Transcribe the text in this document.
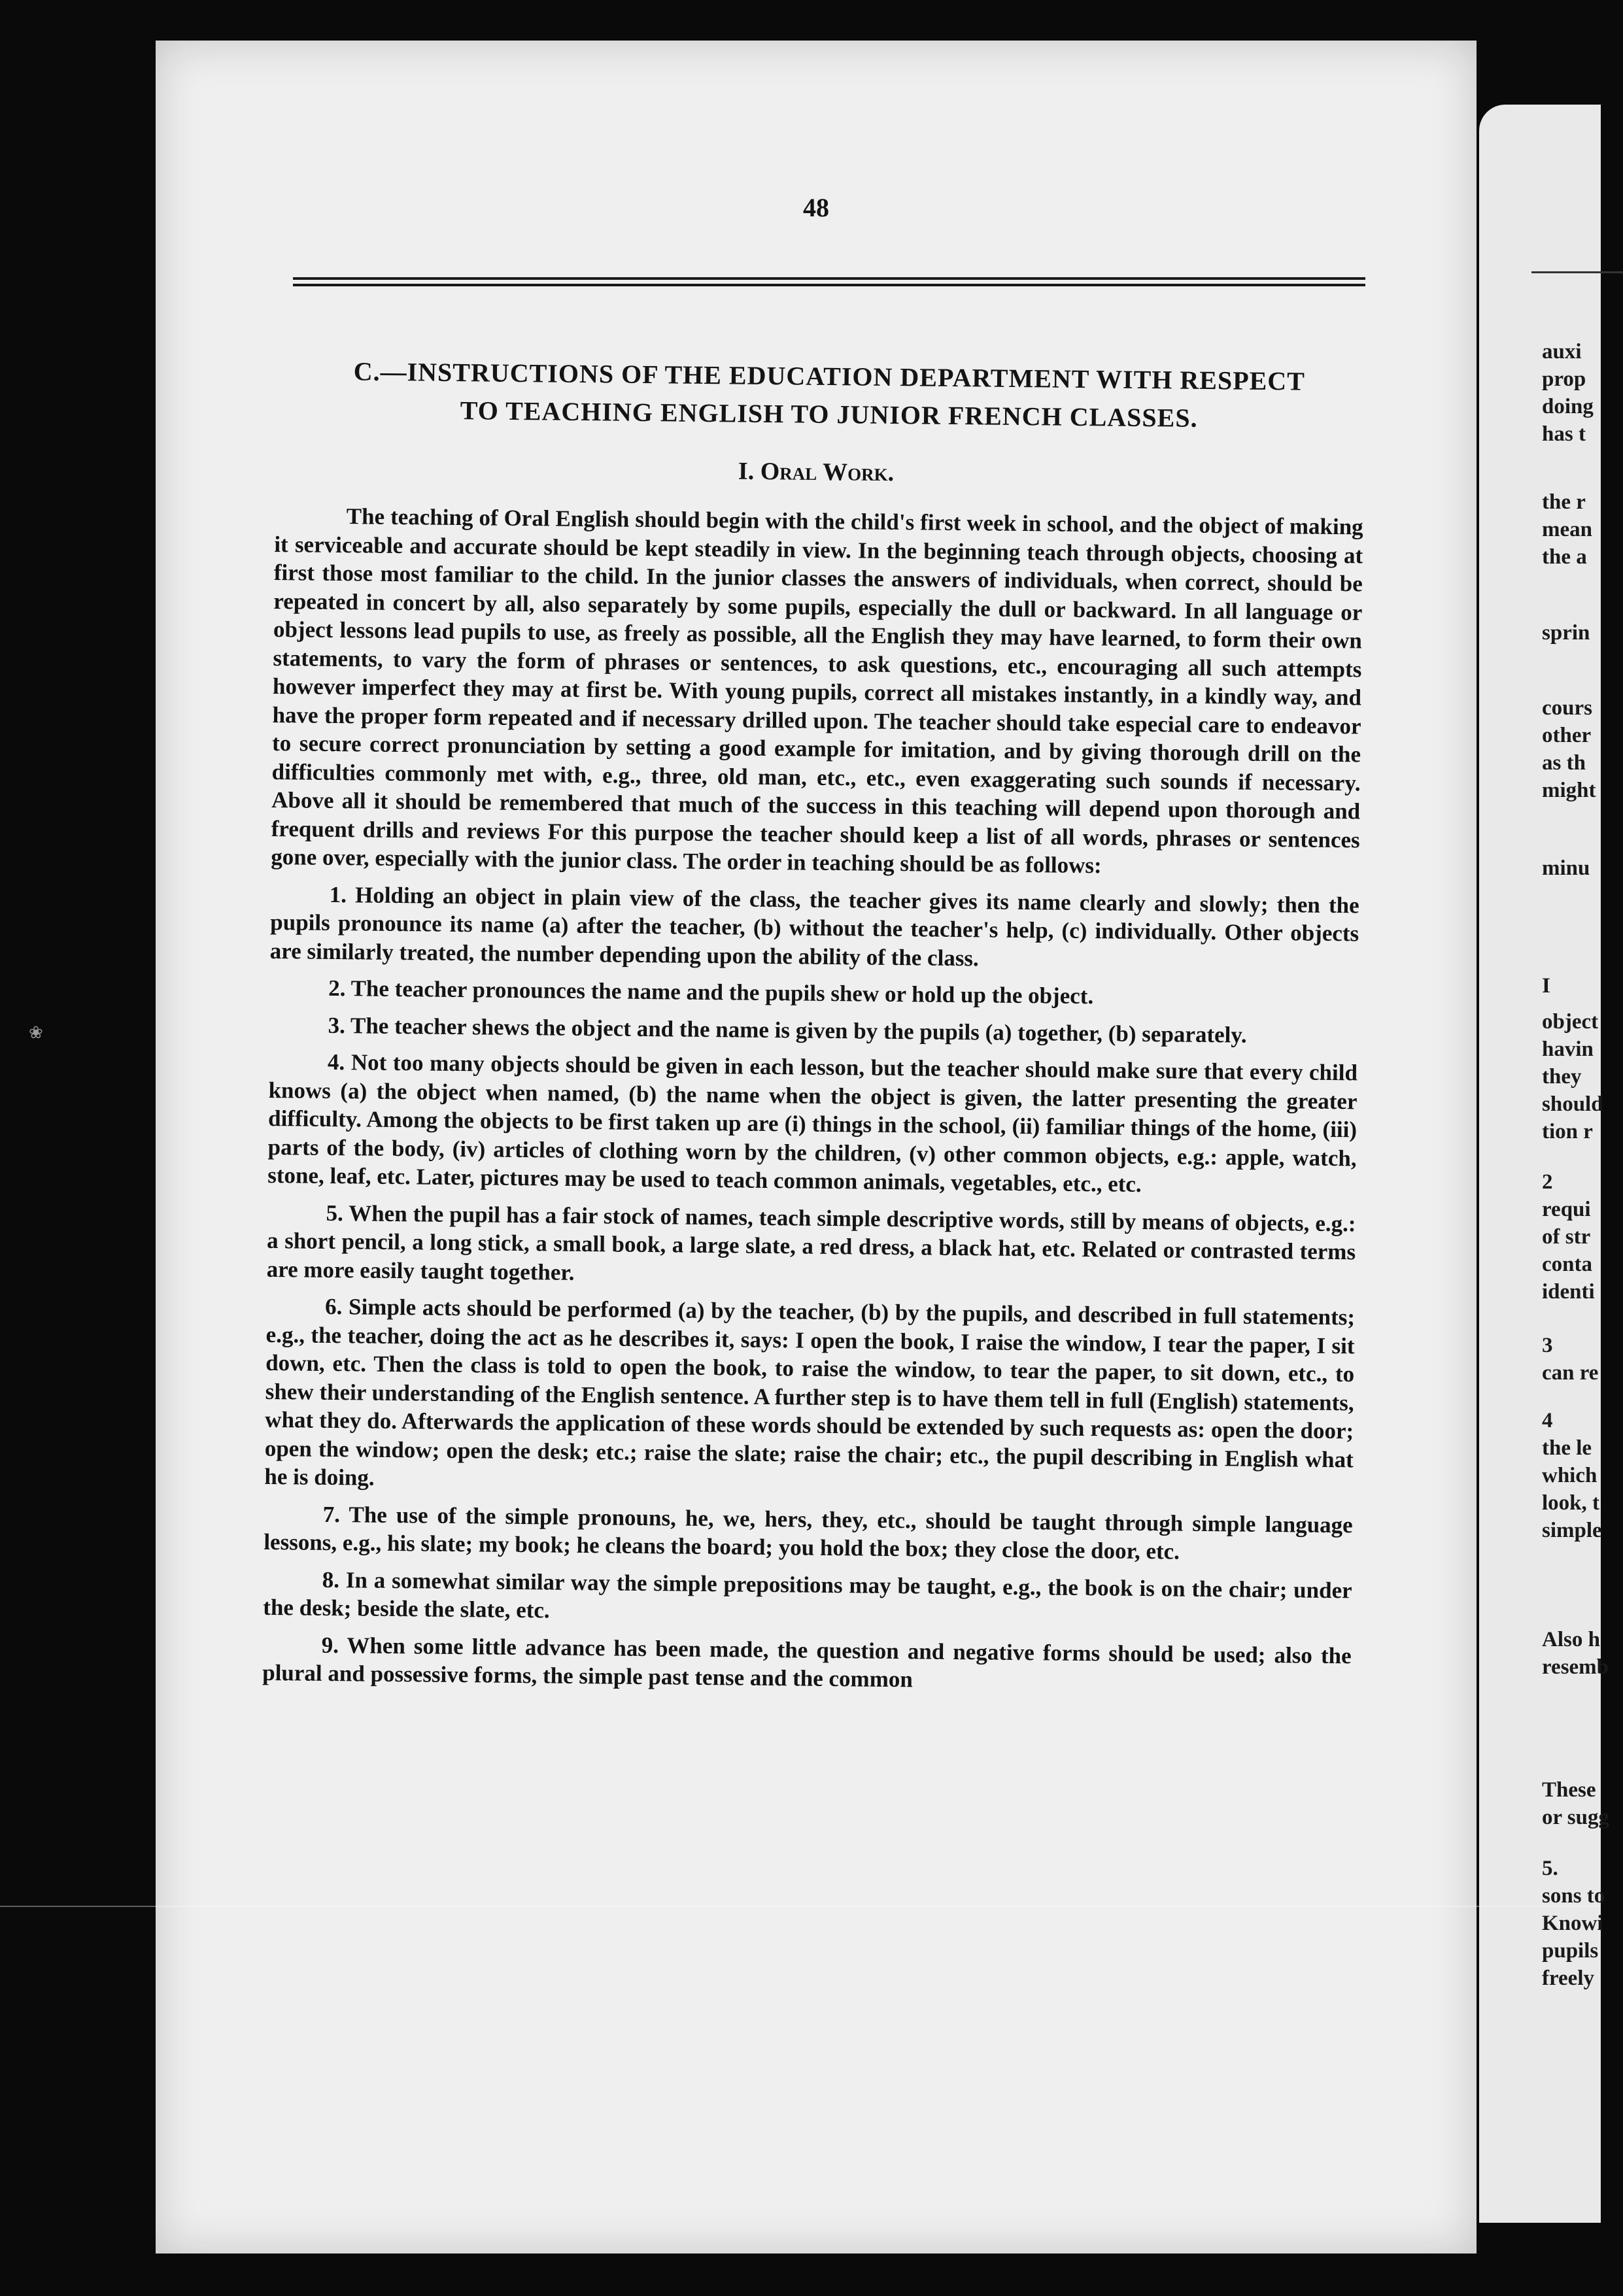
48
C.—INSTRUCTIONS OF THE EDUCATION DEPARTMENT WITH RESPECT
TO TEACHING ENGLISH TO JUNIOR FRENCH CLASSES.
I. Oral Work.

The teaching of Oral English should begin with the child's first week in school, and the object of making it serviceable and accurate should be kept steadily in view. In the beginning teach through objects, choosing at first those most familiar to the child. In the junior classes the answers of individuals, when correct, should be repeated in concert by all, also separately by some pupils, especially the dull or backward. In all language or object lessons lead pupils to use, as freely as possible, all the English they may have learned, to form their own statements, to vary the form of phrases or sentences, to ask questions, etc., encouraging all such attempts however imperfect they may at first be. With young pupils, correct all mistakes instantly, in a kindly way, and have the proper form repeated and if necessary drilled upon. The teacher should take especial care to endeavor to secure correct pronunciation by setting a good example for imitation, and by giving thorough drill on the difficulties commonly met with, e.g., three, old man, etc., etc., even exaggerating such sounds if necessary. Above all it should be remembered that much of the success in this teaching will depend upon thorough and frequent drills and reviews For this purpose the teacher should keep a list of all words, phrases or sentences gone over, especially with the junior class. The order in teaching should be as follows:

1. Holding an object in plain view of the class, the teacher gives its name clearly and slowly; then the pupils pronounce its name (a) after the teacher, (b) without the teacher's help, (c) individually. Other objects are similarly treated, the number depending upon the ability of the class.

2. The teacher pronounces the name and the pupils shew or hold up the object.

3. The teacher shews the object and the name is given by the pupils (a) together, (b) separately.

4. Not too many objects should be given in each lesson, but the teacher should make sure that every child knows (a) the object when named, (b) the name when the object is given, the latter presenting the greater difficulty. Among the objects to be first taken up are (i) things in the school, (ii) familiar things of the home, (iii) parts of the body, (iv) articles of clothing worn by the children, (v) other common objects, e.g.: apple, watch, stone, leaf, etc. Later, pictures may be used to teach common animals, vegetables, etc., etc.

5. When the pupil has a fair stock of names, teach simple descriptive words, still by means of objects, e.g.: a short pencil, a long stick, a small book, a large slate, a red dress, a black hat, etc. Related or contrasted terms are more easily taught together.

6. Simple acts should be performed (a) by the teacher, (b) by the pupils, and described in full statements; e.g., the teacher, doing the act as he describes it, says: I open the book, I raise the window, I tear the paper, I sit down, etc. Then the class is told to open the book, to raise the window, to tear the paper, to sit down, etc., to shew their understanding of the English sentence. A further step is to have them tell in full (English) statements, what they do. Afterwards the application of these words should be extended by such requests as: open the door; open the window; open the desk; etc.; raise the slate; raise the chair; etc., the pupil describing in English what he is doing.

7. The use of the simple pronouns, he, we, hers, they, etc., should be taught through simple language lessons, e.g., his slate; my book; he cleans the board; you hold the box; they close the door, etc.

8. In a somewhat similar way the simple prepositions may be taught, e.g., the book is on the chair; under the desk; beside the slate, etc.

9. When some little advance has been made, the question and negative forms should be used; also the plural and possessive forms, the simple past tense and the common

❀
auxi
prop
doing
has t
the r
mean
the a
sprin
cours
other
as th
might
minu
I
object
havin
they
should
tion r
2
requi
of str
conta
identi
3
can re
4
the le
which
look, t
simple
Also h
resemb
These
or sugg
5.
sons to
Knowi
pupils
freely
